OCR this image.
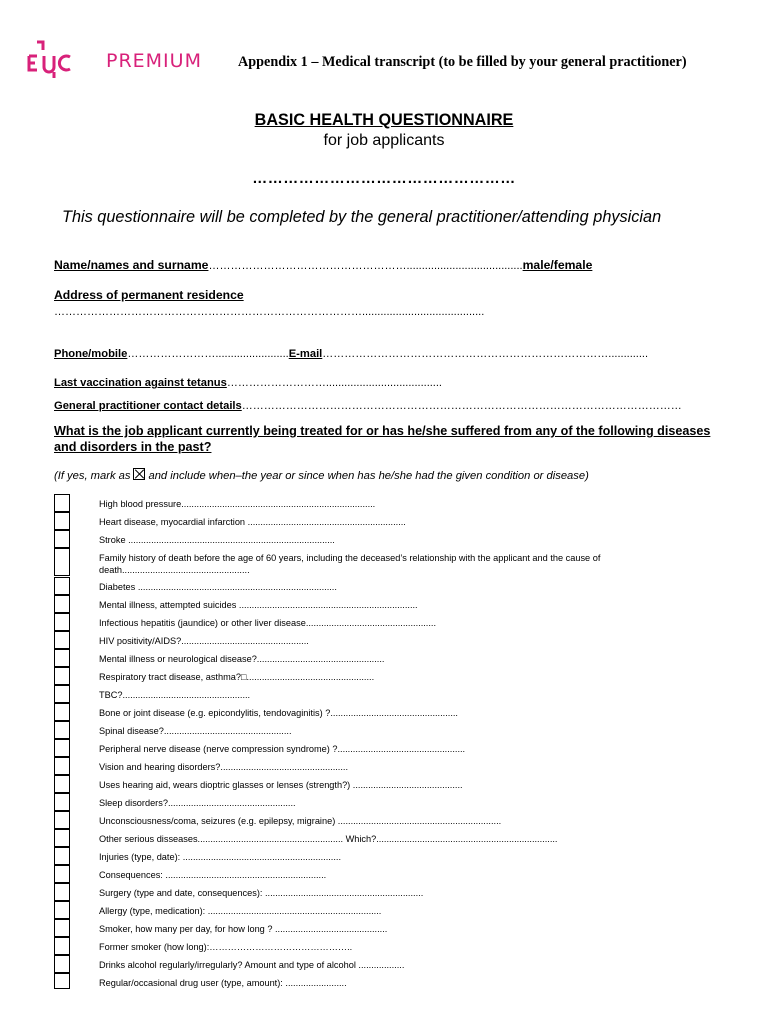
PREMIUM	Appendix 1 – Medical transcript (to be filled by your general practitioner)
BASIC HEALTH QUESTIONNAIRE
for job applicants
……………………………………………
This questionnaire will be completed by the general practitioner/attending physician
Name/names and surname………………………………………………......................................male/female
Address of permanent residence
…………………………………………………………………………........................................
Phone/mobile……………………........................E-mail…………………………………………………………………….............
Last vaccination against tetanus………………………......................................
General practitioner contact details…………………………………………………………………………………………………………
What is the job applicant currently being treated for or has he/she suffered from any of the following diseases and disorders in the past?
(If yes, mark as and include when–the year or since when has he/she had the given condition or disease)
High blood pressure............................................................................
Heart disease, myocardial infarction ..............................................................
Stroke .................................................................................
Family history of death before the age of 60 years, including the deceased’s relationship with the applicant and the cause of death..................................................
Diabetes ..............................................................................
Mental illness, attempted suicides ......................................................................
Infectious hepatitis (jaundice) or other liver disease...................................................
HIV positivity/AIDS?..................................................
Mental illness or neurological disease?..................................................
Respiratory tract disease, asthma?□..................................................
TBC?..................................................
Bone or joint disease (e.g. epicondylitis, tendovaginitis) ?..................................................
Spinal disease?..................................................
Peripheral nerve disease (nerve compression syndrome) ?..................................................
Vision and hearing disorders?..................................................
Uses hearing aid, wears dioptric glasses or lenses (strength?) ...........................................
Sleep disorders?..................................................
Unconsciousness/coma, seizures (e.g. epilepsy, migraine) ................................................................
Other serious disseases......................................................... Which?.......................................................................
Injuries (type, date): ..............................................................
Consequences: ...............................................................
Surgery (type and date, consequences): ..............................................................
Allergy (type, medication): ....................................................................
Smoker, how many per day, for how long ? ............................................
Former smoker (how long):………………………………………..
Drinks alcohol regularly/irregularly? Amount and type of alcohol ..................
Regular/occasional drug user (type, amount): ........................
